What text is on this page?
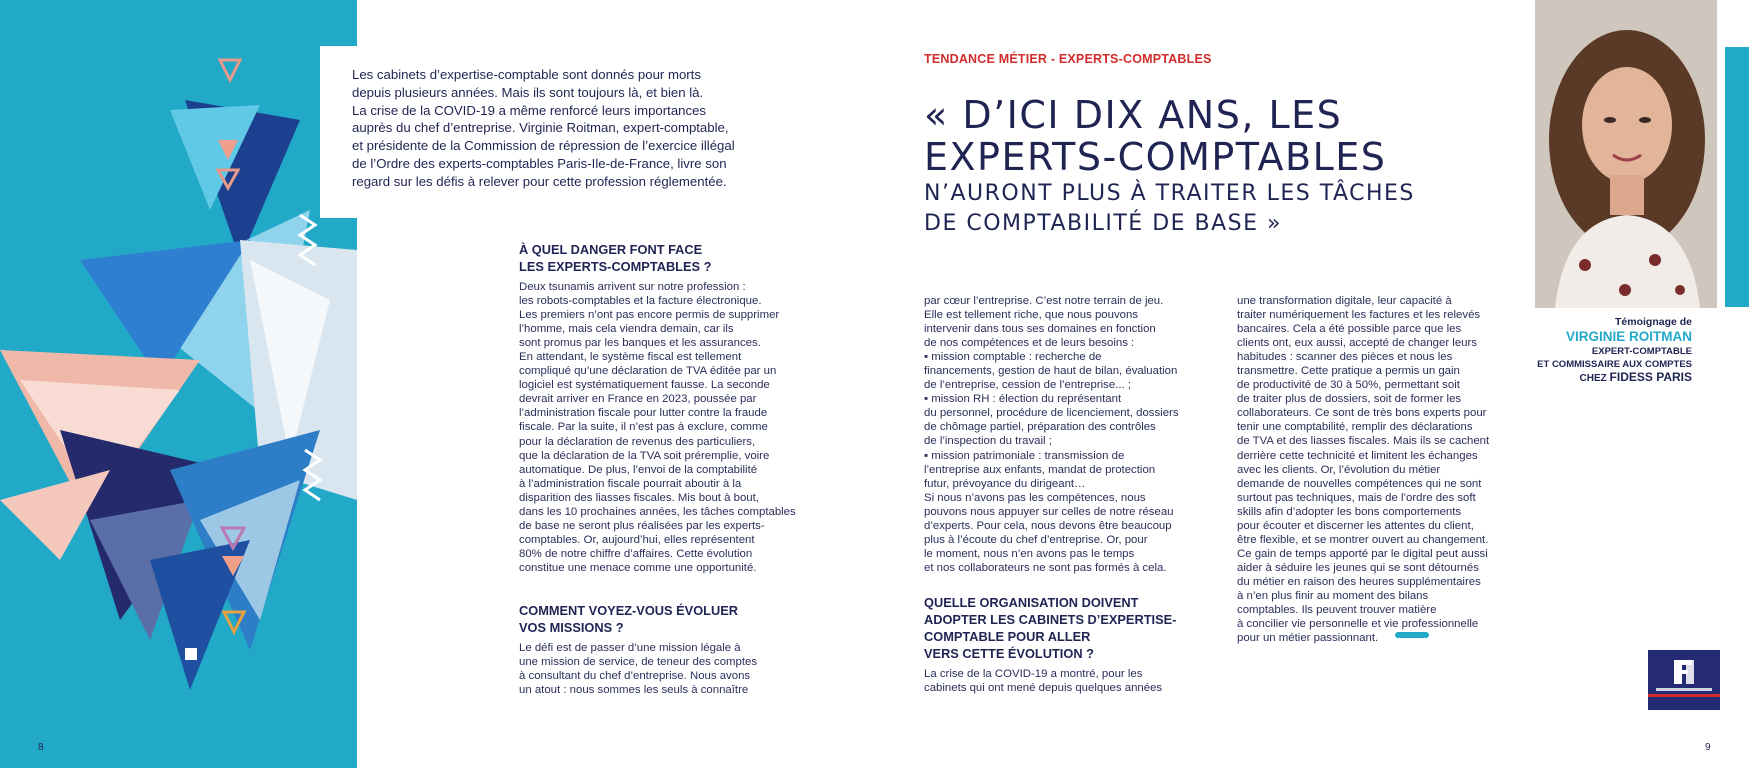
8
Les cabinets d’expertise-comptable sont donnés pour morts
depuis plusieurs années. Mais ils sont toujours là, et bien là.
La crise de la COVID-19 a même renforcé leurs importances
auprès du chef d’entreprise. Virginie Roitman, expert-comptable,
et présidente de la Commission de répression de l’exercice illégal
de l’Ordre des experts-comptables Paris-Ile-de-France, livre son
regard sur les défis à relever pour cette profession réglementée.
TENDANCE MÉTIER - EXPERTS-COMPTABLES
« D’ICI DIX ANS, LES
EXPERTS-COMPTABLES
N’AURONT PLUS À TRAITER LES TÂCHES
DE COMPTABILITÉ DE BASE »
Témoignage de
VIRGINIE ROITMAN
EXPERT-COMPTABLE
ET COMMISSAIRE AUX COMPTES
CHEZ FIDESS PARIS
À QUEL DANGER FONT FACE
LES EXPERTS-COMPTABLES ?
Deux tsunamis arrivent sur notre profession :
les robots-comptables et la facture électronique.
Les premiers n’ont pas encore permis de supprimer
l’homme, mais cela viendra demain, car ils
sont promus par les banques et les assurances.
En attendant, le système fiscal est tellement
compliqué qu’une déclaration de TVA éditée par un
logiciel est systématiquement fausse. La seconde
devrait arriver en France en 2023, poussée par
l’administration fiscale pour lutter contre la fraude
fiscale. Par la suite, il n’est pas à exclure, comme
pour la déclaration de revenus des particuliers,
que la déclaration de la TVA soit préremplie, voire
automatique. De plus, l’envoi de la comptabilité
à l’administration fiscale pourrait aboutir à la
disparition des liasses fiscales. Mis bout à bout,
dans les 10 prochaines années, les tâches comptables
de base ne seront plus réalisées par les experts-
comptables. Or, aujourd’hui, elles représentent
80% de notre chiffre d’affaires. Cette évolution
constitue une menace comme une opportunité.
COMMENT VOYEZ-VOUS ÉVOLUER
VOS MISSIONS ?
Le défi est de passer d’une mission légale à
une mission de service, de teneur des comptes
à consultant du chef d’entreprise. Nous avons
un atout : nous sommes les seuls à connaître
par cœur l’entreprise. C’est notre terrain de jeu.
Elle est tellement riche, que nous pouvons
intervenir dans tous ses domaines en fonction
de nos compétences et de leurs besoins :
▪ mission comptable : recherche de
financements, gestion de haut de bilan, évaluation
de l’entreprise, cession de l’entreprise... ;
▪ mission RH : élection du représentant
du personnel, procédure de licenciement, dossiers
de chômage partiel, préparation des contrôles
de l’inspection du travail ;
▪ mission patrimoniale : transmission de
l’entreprise aux enfants, mandat de protection
futur, prévoyance du dirigeant…
Si nous n’avons pas les compétences, nous
pouvons nous appuyer sur celles de notre réseau
d’experts. Pour cela, nous devons être beaucoup
plus à l’écoute du chef d’entreprise. Or, pour
le moment, nous n’en avons pas le temps
et nos collaborateurs ne sont pas formés à cela.
QUELLE ORGANISATION DOIVENT
ADOPTER LES CABINETS D’EXPERTISE-
COMPTABLE POUR ALLER
VERS CETTE ÉVOLUTION ?
La crise de la COVID-19 a montré, pour les
cabinets qui ont mené depuis quelques années
une transformation digitale, leur capacité à
traiter numériquement les factures et les relevés
bancaires. Cela a été possible parce que les
clients ont, eux aussi, accepté de changer leurs
habitudes : scanner des pièces et nous les
transmettre. Cette pratique a permis un gain
de productivité de 30 à 50%, permettant soit
de traiter plus de dossiers, soit de former les
collaborateurs. Ce sont de très bons experts pour
tenir une comptabilité, remplir des déclarations
de TVA et des liasses fiscales. Mais ils se cachent
derrière cette technicité et limitent les échanges
avec les clients. Or, l’évolution du métier
demande de nouvelles compétences qui ne sont
surtout pas techniques, mais de l’ordre des soft
skills afin d’adopter les bons comportements
pour écouter et discerner les attentes du client,
être flexible, et se montrer ouvert au changement.
Ce gain de temps apporté par le digital peut aussi
aider à séduire les jeunes qui se sont détournés
du métier en raison des heures supplémentaires
à n’en plus finir au moment des bilans
comptables. Ils peuvent trouver matière
à concilier vie personnelle et vie professionnelle
pour un métier passionnant.
9
